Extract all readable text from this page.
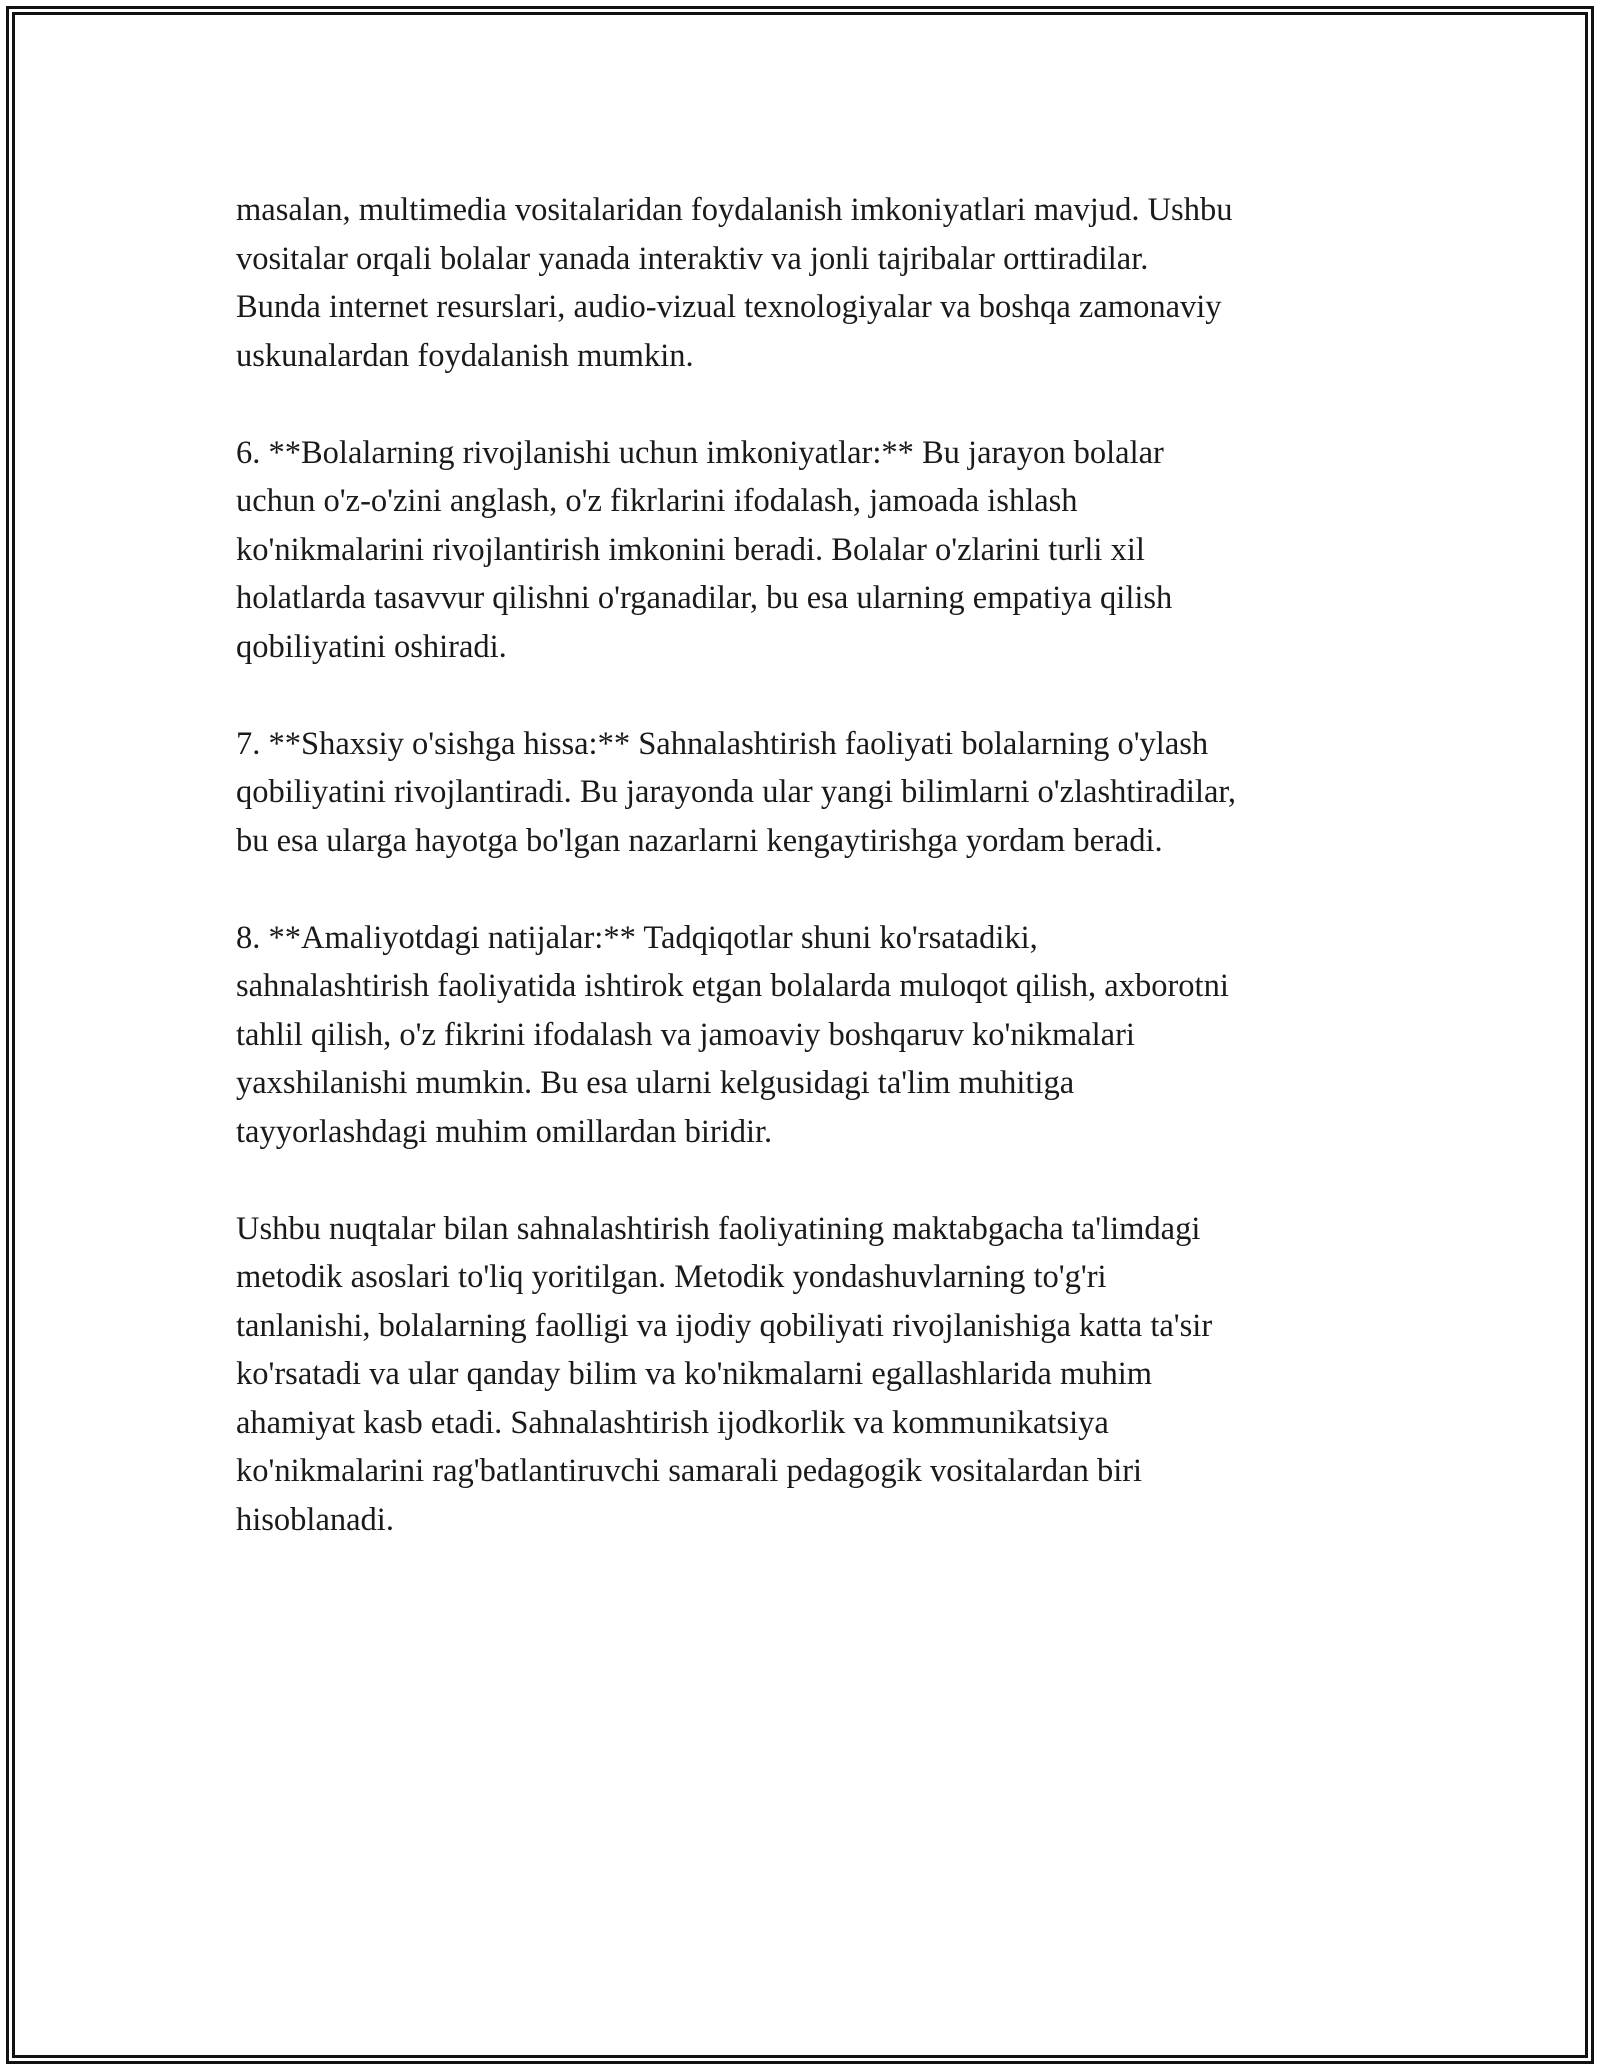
masalan, multimedia vositalaridan foydalanish imkoniyatlari mavjud. Ushbu
vositalar orqali bolalar yanada interaktiv va jonli tajribalar orttiradilar.
Bunda internet resurslari, audio-vizual texnologiyalar va boshqa zamonaviy
uskunalardan foydalanish mumkin.

6. **Bolalarning rivojlanishi uchun imkoniyatlar:** Bu jarayon bolalar
uchun o'z-o'zini anglash, o'z fikrlarini ifodalash, jamoada ishlash
ko'nikmalarini rivojlantirish imkonini beradi. Bolalar o'zlarini turli xil
holatlarda tasavvur qilishni o'rganadilar, bu esa ularning empatiya qilish
qobiliyatini oshiradi.

7. **Shaxsiy o'sishga hissa:** Sahnalashtirish faoliyati bolalarning o'ylash
qobiliyatini rivojlantiradi. Bu jarayonda ular yangi bilimlarni o'zlashtiradilar,
bu esa ularga hayotga bo'lgan nazarlarni kengaytirishga yordam beradi.

8. **Amaliyotdagi natijalar:** Tadqiqotlar shuni ko'rsatadiki,
sahnalashtirish faoliyatida ishtirok etgan bolalarda muloqot qilish, axborotni
tahlil qilish, o'z fikrini ifodalash va jamoaviy boshqaruv ko'nikmalari
yaxshilanishi mumkin. Bu esa ularni kelgusidagi ta'lim muhitiga
tayyorlashdagi muhim omillardan biridir.

Ushbu nuqtalar bilan sahnalashtirish faoliyatining maktabgacha ta'limdagi
metodik asoslari to'liq yoritilgan. Metodik yondashuvlarning to'g'ri
tanlanishi, bolalarning faolligi va ijodiy qobiliyati rivojlanishiga katta ta'sir
ko'rsatadi va ular qanday bilim va ko'nikmalarni egallashlarida muhim
ahamiyat kasb etadi. Sahnalashtirish ijodkorlik va kommunikatsiya
ko'nikmalarini rag'batlantiruvchi samarali pedagogik vositalardan biri
hisoblanadi.
